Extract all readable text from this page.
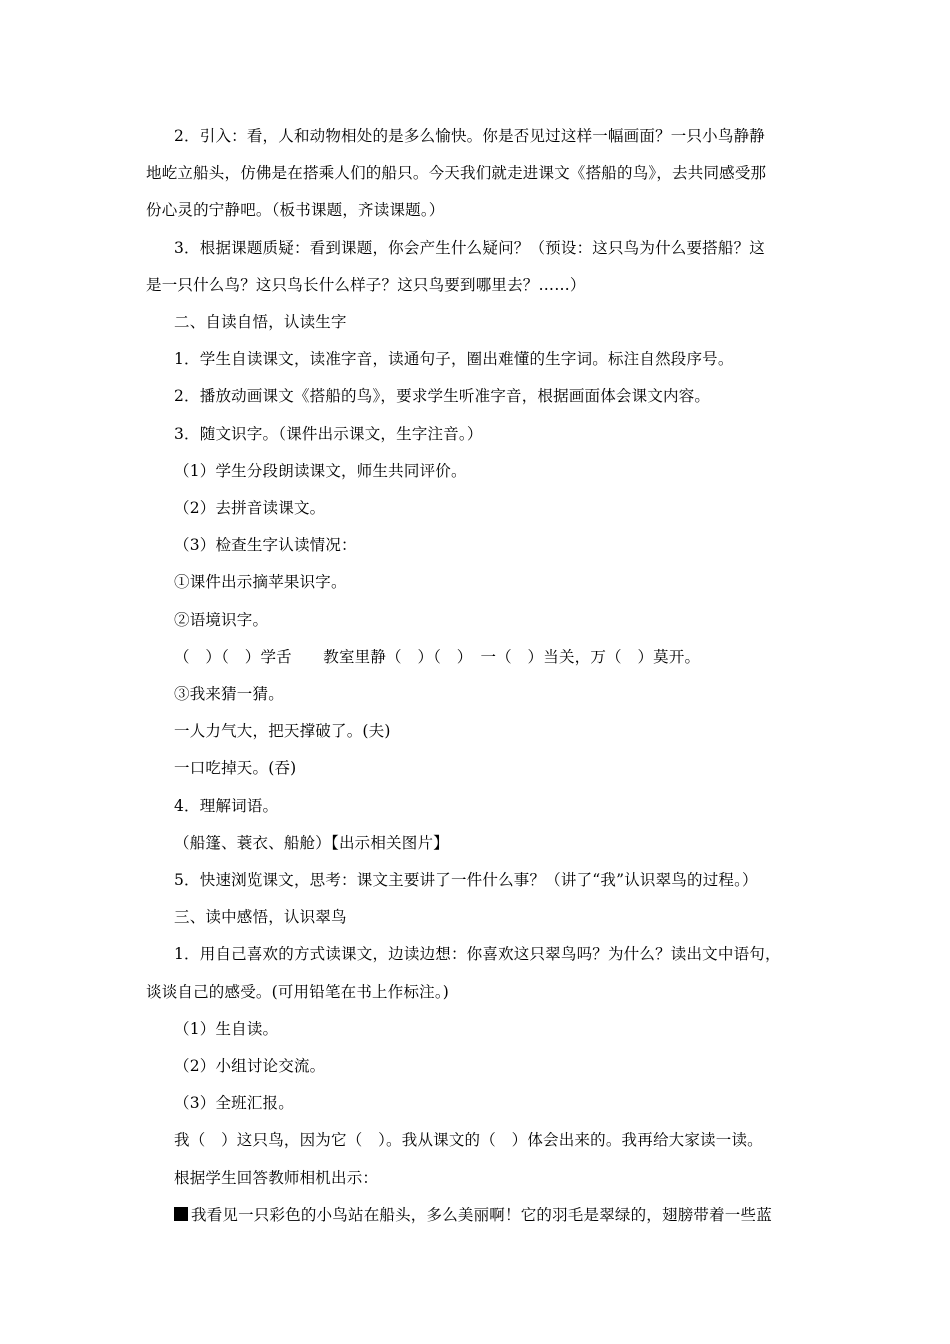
2．引入：看，人和动物相处的是多么愉快。你是否见过这样一幅画面？一只小鸟静静
地屹立船头，仿佛是在搭乘人们的船只。今天我们就走进课文《搭船的鸟》，去共同感受那
份心灵的宁静吧。（板书课题，齐读课题。）
3．根据课题质疑：看到课题，你会产生什么疑问？（预设：这只鸟为什么要搭船？这
是一只什么鸟？这只鸟长什么样子？这只鸟要到哪里去？……）
二、自读自悟，认读生字
1．学生自读课文，读准字音，读通句子，圈出难懂的生字词。标注自然段序号。
2．播放动画课文《搭船的鸟》，要求学生听准字音，根据画面体会课文内容。
3．随文识字。（课件出示课文，生字注音。）
（1）学生分段朗读课文，师生共同评价。
（2）去拼音读课文。
（3）检查生字认读情况：
①课件出示摘苹果识字。
②语境识字。
（　）（　）学舌　　教室里静（　）（　）　一（　）当关，万（　）莫开。
③我来猜一猜。
一人力气大，把天撑破了。(夫)
一口吃掉天。(吞)
4．理解词语。
（船篷、蓑衣、船舱）【出示相关图片】
5．快速浏览课文，思考：课文主要讲了一件什么事？（讲了“我”认识翠鸟的过程。）
三、读中感悟，认识翠鸟
1．用自己喜欢的方式读课文，边读边想：你喜欢这只翠鸟吗？为什么？读出文中语句，
谈谈自己的感受。(可用铅笔在书上作标注。)
（1）生自读。
（2）小组讨论交流。
（3）全班汇报。
我（　）这只鸟，因为它（　）。我从课文的（　）体会出来的。我再给大家读一读。
根据学生回答教师相机出示：
我看见一只彩色的小鸟站在船头，多么美丽啊！它的羽毛是翠绿的，翅膀带着一些蓝
